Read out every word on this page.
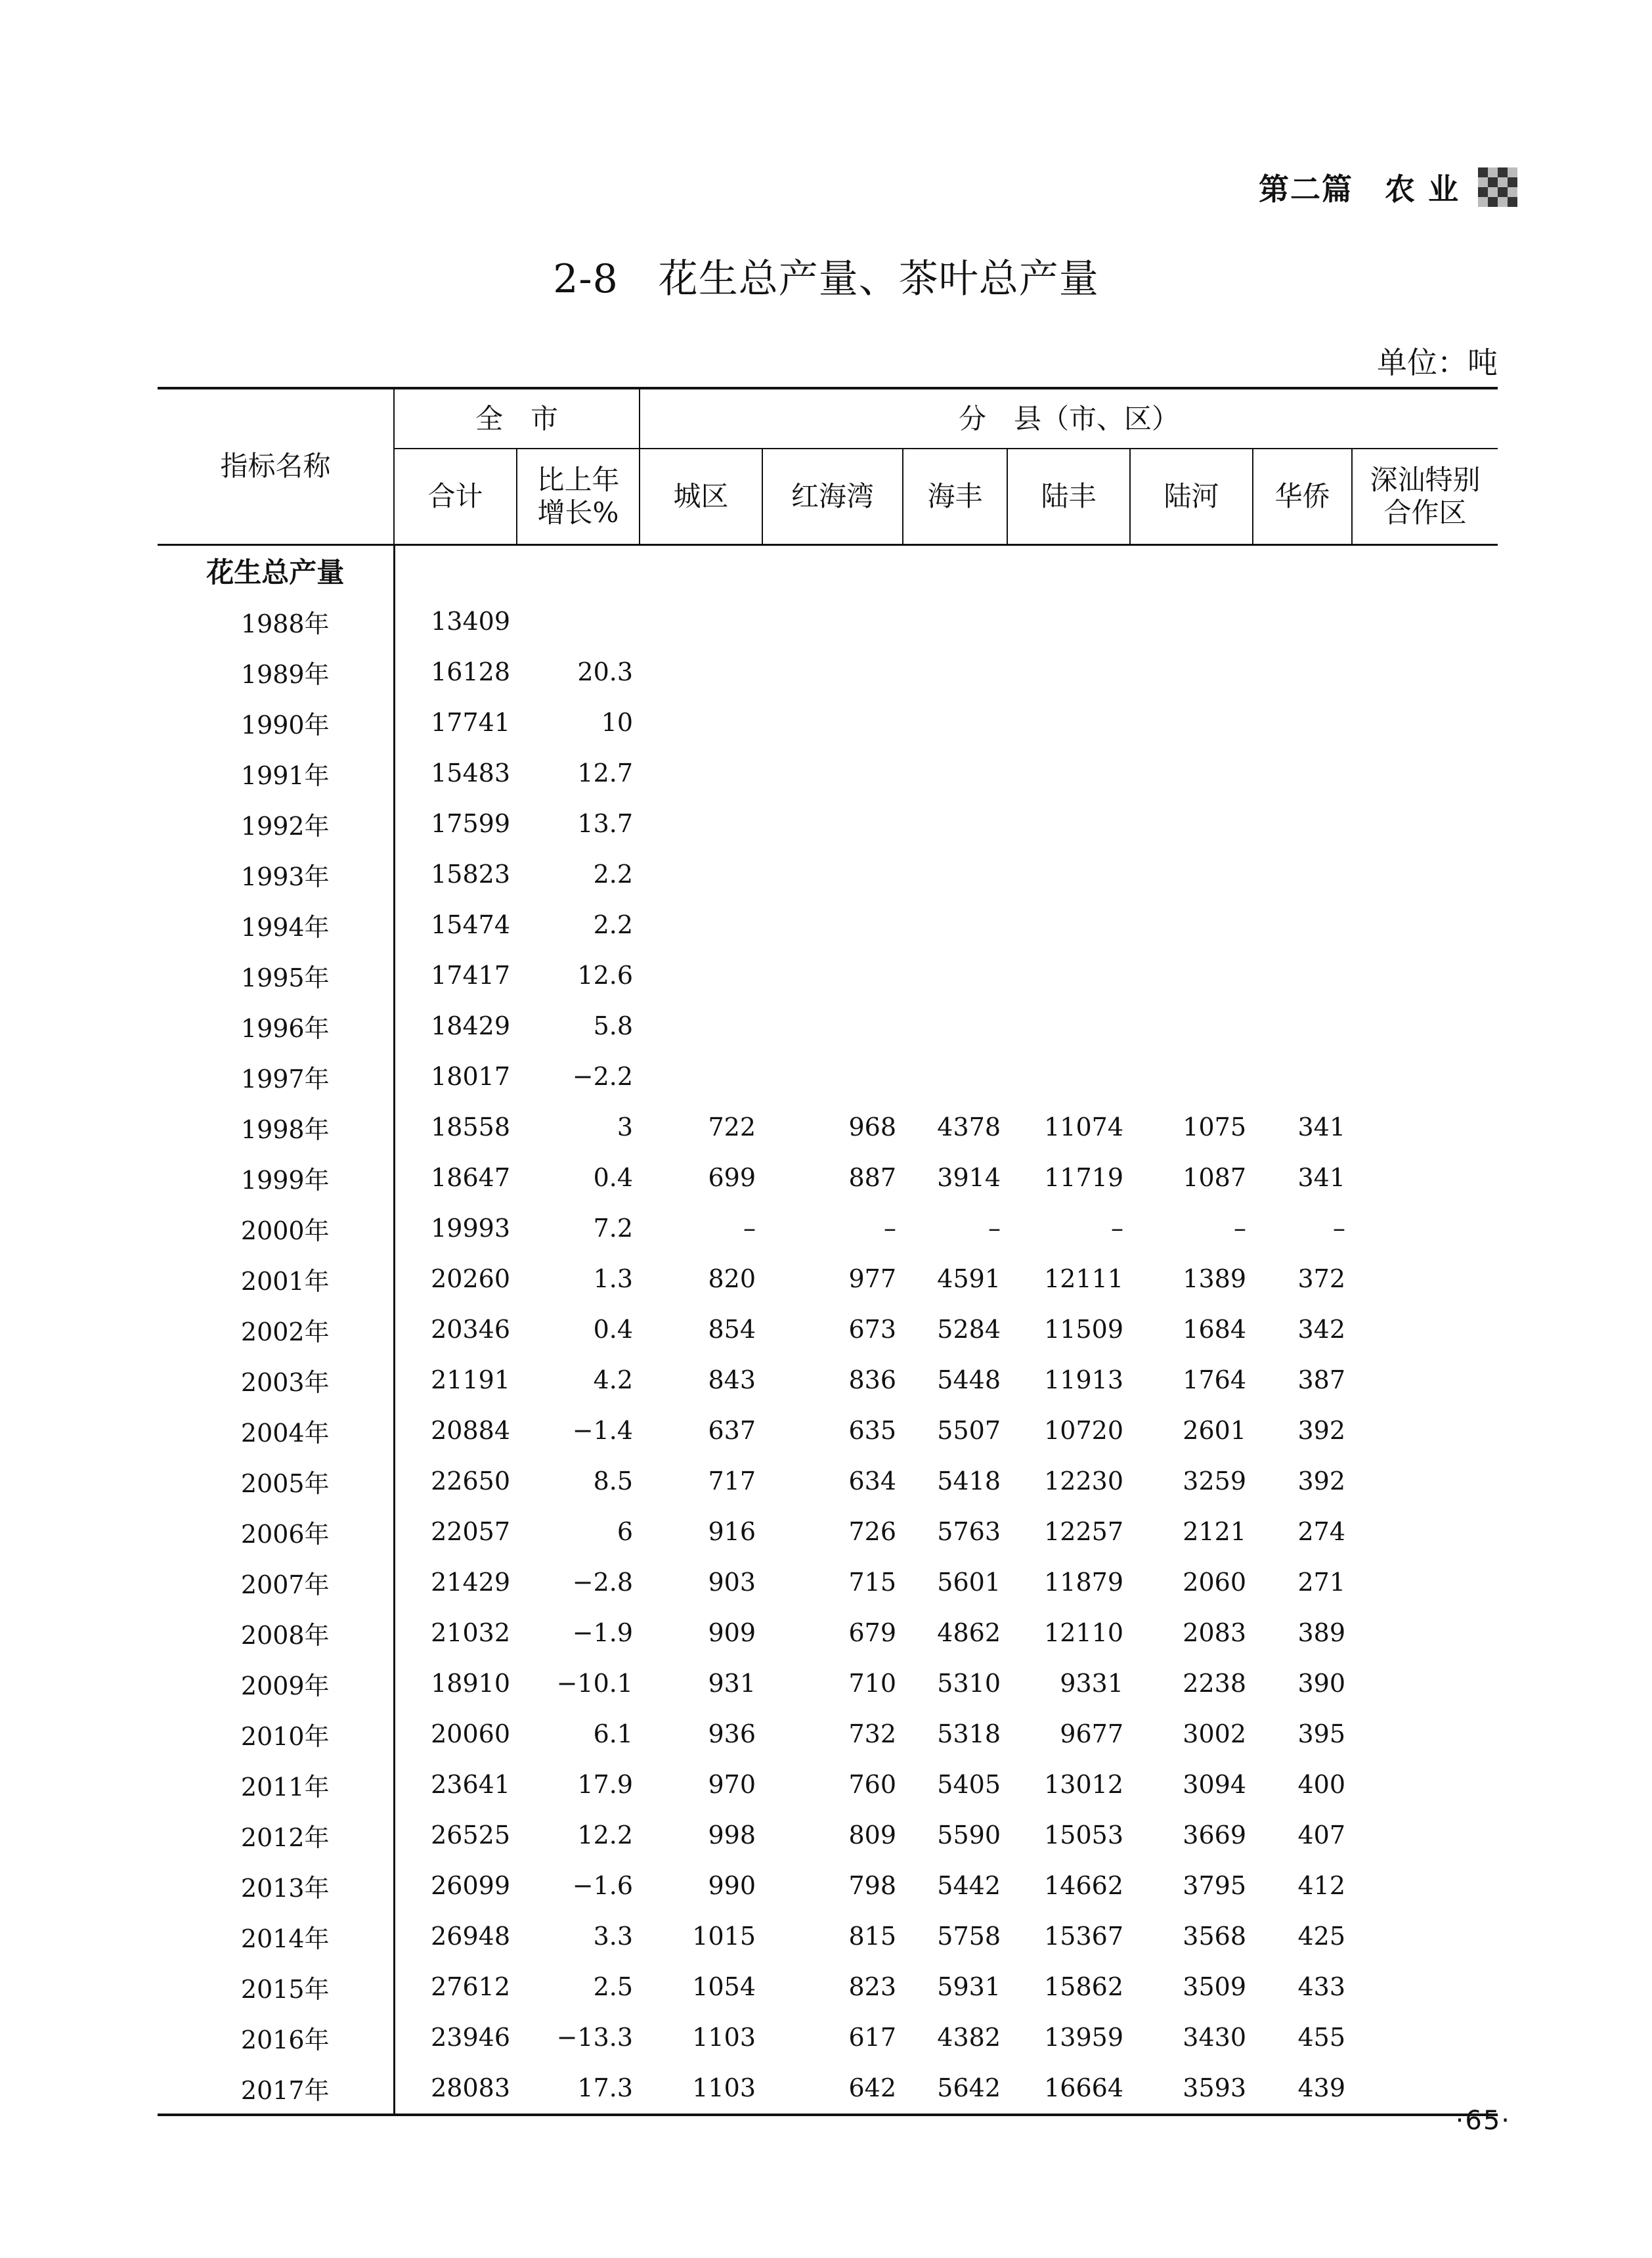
第二篇 农 业
2-8　花生总产量、茶叶总产量
单位：吨
指标名称	全　市		分　县（市、区）						
	合计	比上年增长%	城区	红海湾	海丰	陆丰	陆河	华侨	深汕特别合作区
花生总产量									
1988年	13409								
1989年	16128	20.3							
1990年	17741	10							
1991年	15483	12.7							
1992年	17599	13.7							
1993年	15823	2.2							
1994年	15474	2.2							
1995年	17417	12.6							
1996年	18429	5.8							
1997年	18017	−2.2							
1998年	18558	3	722	968	4378	11074	1075	341	
1999年	18647	0.4	699	887	3914	11719	1087	341	
2000年	19993	7.2	–	–	–	–	–	–	
2001年	20260	1.3	820	977	4591	12111	1389	372	
2002年	20346	0.4	854	673	5284	11509	1684	342	
2003年	21191	4.2	843	836	5448	11913	1764	387	
2004年	20884	−1.4	637	635	5507	10720	2601	392	
2005年	22650	8.5	717	634	5418	12230	3259	392	
2006年	22057	6	916	726	5763	12257	2121	274	
2007年	21429	−2.8	903	715	5601	11879	2060	271	
2008年	21032	−1.9	909	679	4862	12110	2083	389	
2009年	18910	−10.1	931	710	5310	9331	2238	390	
2010年	20060	6.1	936	732	5318	9677	3002	395	
2011年	23641	17.9	970	760	5405	13012	3094	400	
2012年	26525	12.2	998	809	5590	15053	3669	407	
2013年	26099	−1.6	990	798	5442	14662	3795	412	
2014年	26948	3.3	1015	815	5758	15367	3568	425	
2015年	27612	2.5	1054	823	5931	15862	3509	433	
2016年	23946	−13.3	1103	617	4382	13959	3430	455	
2017年	28083	17.3	1103	642	5642	16664	3593	439	
·65·
